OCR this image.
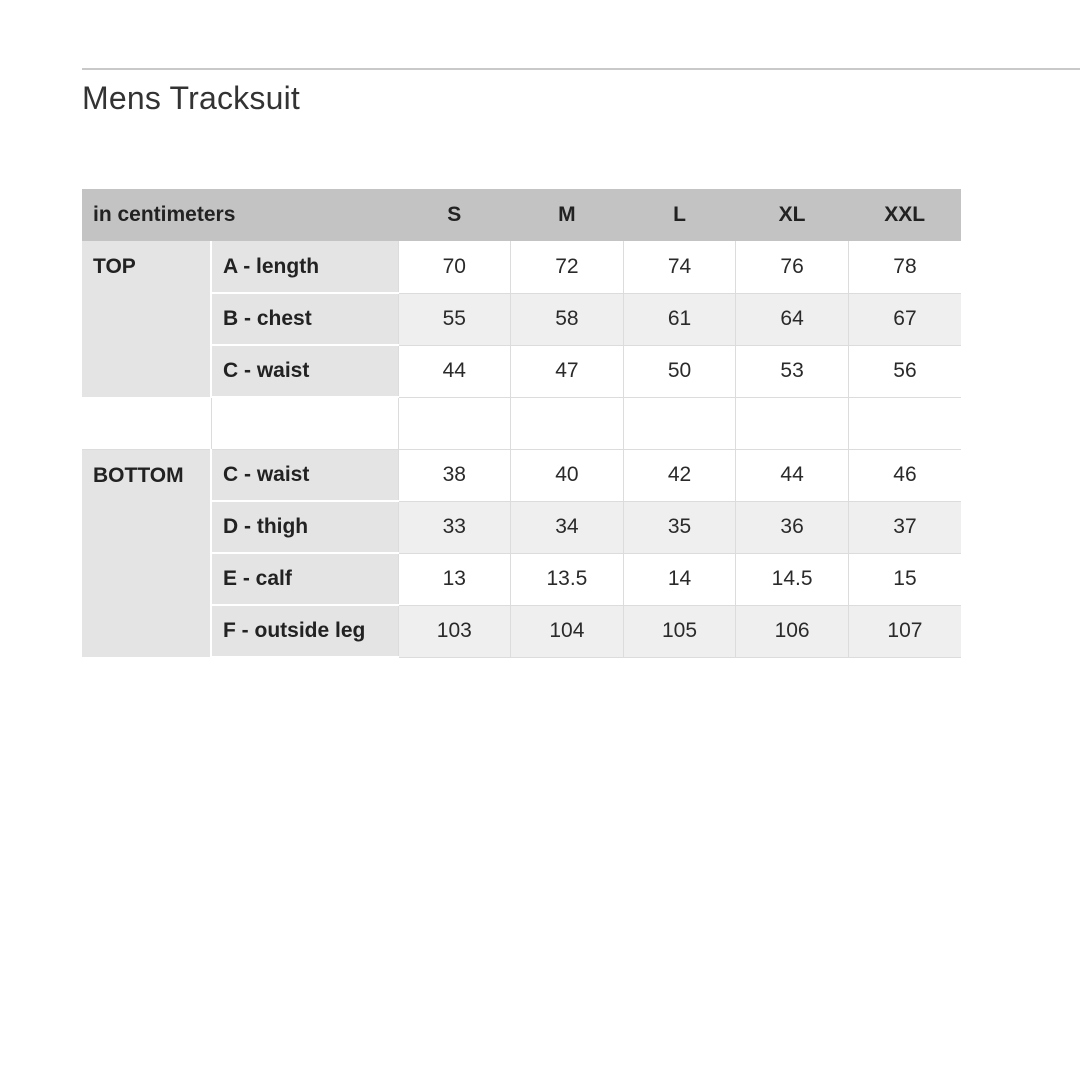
Mens Tracksuit
in centimeters		S	M	L	XL	XXL
TOP	A - length	70	72	74	76	78
	B - chest	55	58	61	64	67
	C - waist	44	47	50	53	56

BOTTOM	C - waist	38	40	42	44	46
	D - thigh	33	34	35	36	37
	E - calf	13	13.5	14	14.5	15
	F - outside leg	103	104	105	106	107
